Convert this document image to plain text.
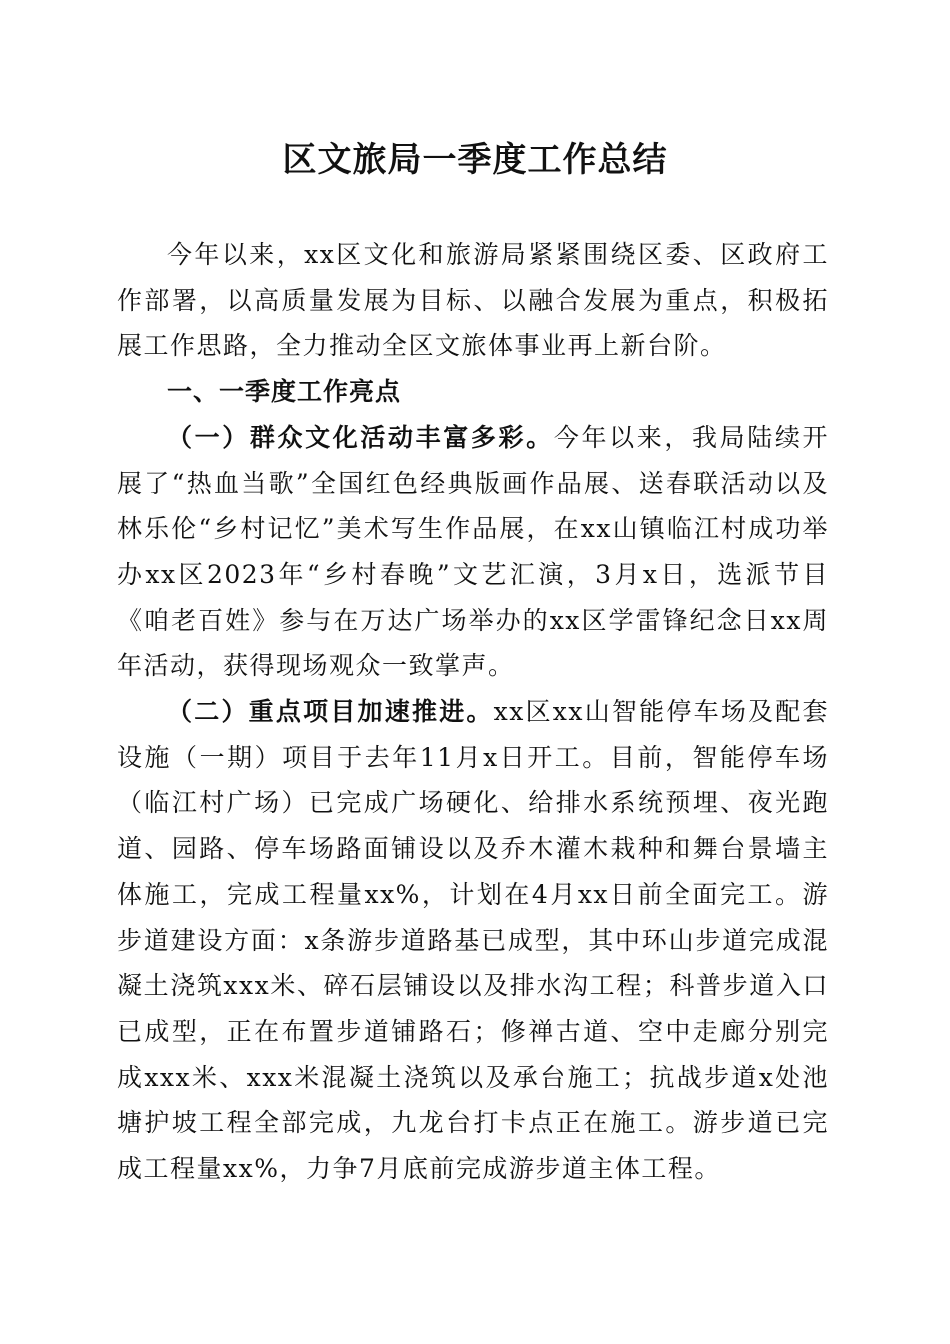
区文旅局一季度工作总结

今年以来，xx区文化和旅游局紧紧围绕区委、区政府工作部署，以高质量发展为目标、以融合发展为重点，积极拓展工作思路，全力推动全区文旅体事业再上新台阶。

一、一季度工作亮点

（一）群众文化活动丰富多彩。今年以来，我局陆续开展了“热血当歌”全国红色经典版画作品展、送春联活动以及林乐伦“乡村记忆”美术写生作品展，在xx山镇临江村成功举办xx区2023年“乡村春晚”文艺汇演，3月x日，选派节目《咱老百姓》参与在万达广场举办的xx区学雷锋纪念日xx周年活动，获得现场观众一致掌声。

（二）重点项目加速推进。xx区xx山智能停车场及配套设施（一期）项目于去年11月x日开工。目前，智能停车场（临江村广场）已完成广场硬化、给排水系统预埋、夜光跑道、园路、停车场路面铺设以及乔木灌木栽种和舞台景墙主体施工，完成工程量xx%，计划在4月xx日前全面完工。游步道建设方面：x条游步道路基已成型，其中环山步道完成混凝土浇筑xxx米、碎石层铺设以及排水沟工程；科普步道入口已成型，正在布置步道铺路石；修禅古道、空中走廊分别完成xxx米、xxx米混凝土浇筑以及承台施工；抗战步道x处池塘护坡工程全部完成，九龙台打卡点正在施工。游步道已完成工程量xx%，力争7月底前完成游步道主体工程。
